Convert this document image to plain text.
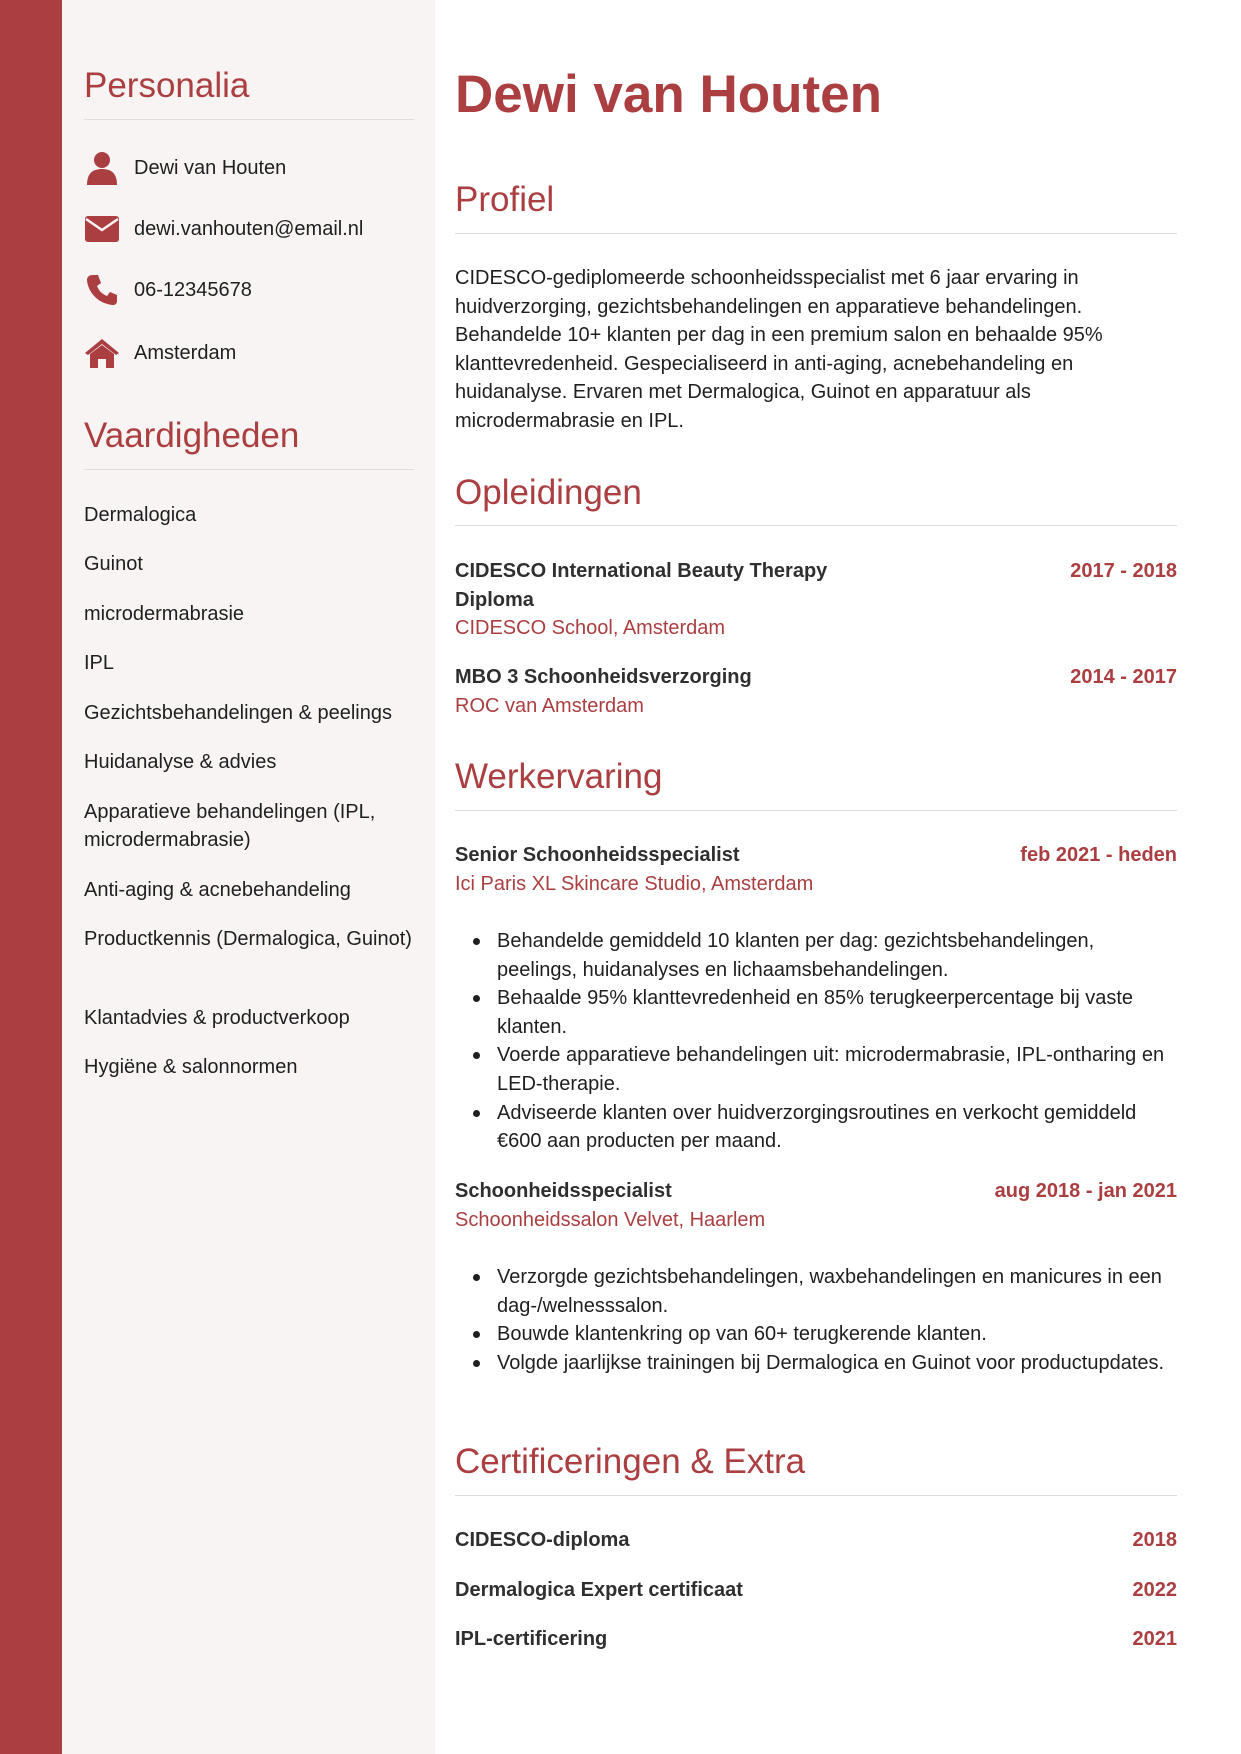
Personalia
Dewi van Houten
dewi.vanhouten@email.nl
06-12345678
Amsterdam
Vaardigheden
Dermalogica
Guinot
microdermabrasie
IPL
Gezichtsbehandelingen & peelings
Huidanalyse & advies
Apparatieve behandelingen (IPL, microdermabrasie)
Anti-aging & acnebehandeling
Productkennis (Dermalogica, Guinot)
Klantadvies & productverkoop
Hygiëne & salonnormen
Dewi van Houten
Profiel
CIDESCO-gediplomeerde schoonheidsspecialist met 6 jaar ervaring in huidverzorging, gezichtsbehandelingen en apparatieve behandelingen. Behandelde 10+ klanten per dag in een premium salon en behaalde 95% klanttevredenheid. Gespecialiseerd in anti-aging, acnebehandeling en huidanalyse. Ervaren met Dermalogica, Guinot en apparatuur als microdermabrasie en IPL.
Opleidingen
CIDESCO International Beauty Therapy Diploma
2017 - 2018
CIDESCO School, Amsterdam
MBO 3 Schoonheidsverzorging	2014 - 2017
ROC van Amsterdam
Werkervaring
Senior Schoonheidsspecialist	feb 2021 - heden
Ici Paris XL Skincare Studio, Amsterdam
Behandelde gemiddeld 10 klanten per dag: gezichtsbehandelingen, peelings, huidanalyses en lichaamsbehandelingen.
Behaalde 95% klanttevredenheid en 85% terugkeerpercentage bij vaste klanten.
Voerde apparatieve behandelingen uit: microdermabrasie, IPL-ontharing en LED-therapie.
Adviseerde klanten over huidverzorgingsroutines en verkocht gemiddeld €600 aan producten per maand.
Schoonheidsspecialist	aug 2018 - jan 2021
Schoonheidssalon Velvet, Haarlem
Verzorgde gezichtsbehandelingen, waxbehandelingen en manicures in een dag-/welnesssalon.
Bouwde klantenkring op van 60+ terugkerende klanten.
Volgde jaarlijkse trainingen bij Dermalogica en Guinot voor productupdates.
Certificeringen & Extra
CIDESCO-diploma	2018
Dermalogica Expert certificaat	2022
IPL-certificering	2021
